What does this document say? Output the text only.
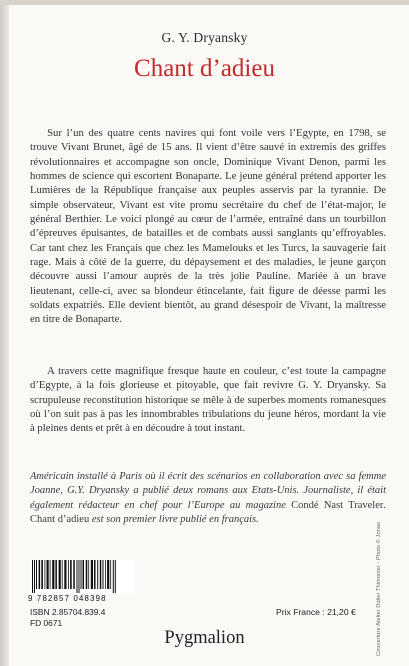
G. Y. Dryansky
Chant d’adieu

Sur l’un des quatre cents navires qui font voile vers l’Egypte, en 1798, se trouve Vivant Brunet, âgé de 15 ans. Il vient d’être sauvé in extremis des griffes révolutionnaires et accompagne son oncle, Dominique Vivant Denon, parmi les hommes de science qui escortent Bonaparte. Le jeune général prétend apporter les Lumières de la République française aux peuples asservis par la tyrannie. De simple observateur, Vivant est vite promu secrétaire du chef de l’état-major, le général Berthier. Le voici plongé au cœur de l’armée, entraîné dans un tourbillon d’épreuves épuisantes, de batailles et de combats aussi sanglants qu’effroyables. Car tant chez les Français que chez les Mamelouks et les Turcs, la sauvagerie fait rage. Mais à côté de la guerre, du dépaysement et des maladies, le jeune garçon découvre aussi l’amour auprès de la très jolie Pauline. Mariée à un brave lieutenant, celle-ci, avec sa blondeur étincelante, fait figure de déesse parmi les soldats expatriés. Elle devient bientôt, au grand désespoir de Vivant, la maîtresse en titre de Bonaparte.

A travers cette magnifique fresque haute en couleur, c’est toute la campagne d’Egypte, à la fois glorieuse et pitoyable, que fait revivre G. Y. Dryansky. Sa scrupuleuse reconstitution historique se mêle à de superbes moments romanesques où l’on suit pas à pas les innombrables tribulations du jeune héros, mordant la vie à pleines dents et prêt à en découdre à tout instant.

Américain installé à Paris où il écrit des scénarios en collaboration avec sa femme Joanne, G.Y. Dryansky a publié deux romans aux Etats-Unis. Journaliste, il était également rédacteur en chef pour l’Europe au magazine Condé Nast Traveler. Chant d’adieu est son premier livre publié en français.

Couverture Atelier Didier Thimonier - Photo © Jonas
9 782857 048398
ISBN 2.85704.839.4
FD 0671
Prix France : 21,20 €
Pygmalion
